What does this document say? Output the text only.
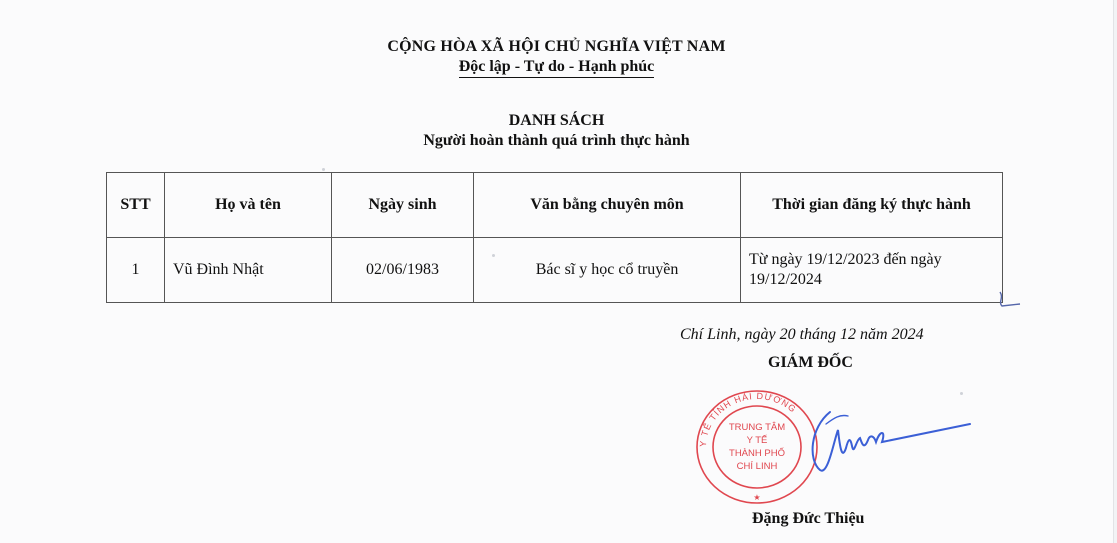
CỘNG HÒA XÃ HỘI CHỦ NGHĨA VIỆT NAM
Độc lập - Tự do - Hạnh phúc
DANH SÁCH
Người hoàn thành quá trình thực hành
STT	Họ và tên	Ngày sinh	Văn bằng chuyên môn	Thời gian đăng ký thực hành
1	Vũ Đình Nhật	02/06/1983	Bác sĩ y học cổ truyền	Từ ngày 19/12/2023 đến ngày 19/12/2024
Chí Linh, ngày 20 tháng 12 năm 2024
GIÁM ĐỐC
Y TẾ TỈNH HẢI DƯƠNG
TRUNG TÂM
Y TẾ
THÀNH PHỐ
CHÍ LINH
★
Đặng Đức Thiệu
